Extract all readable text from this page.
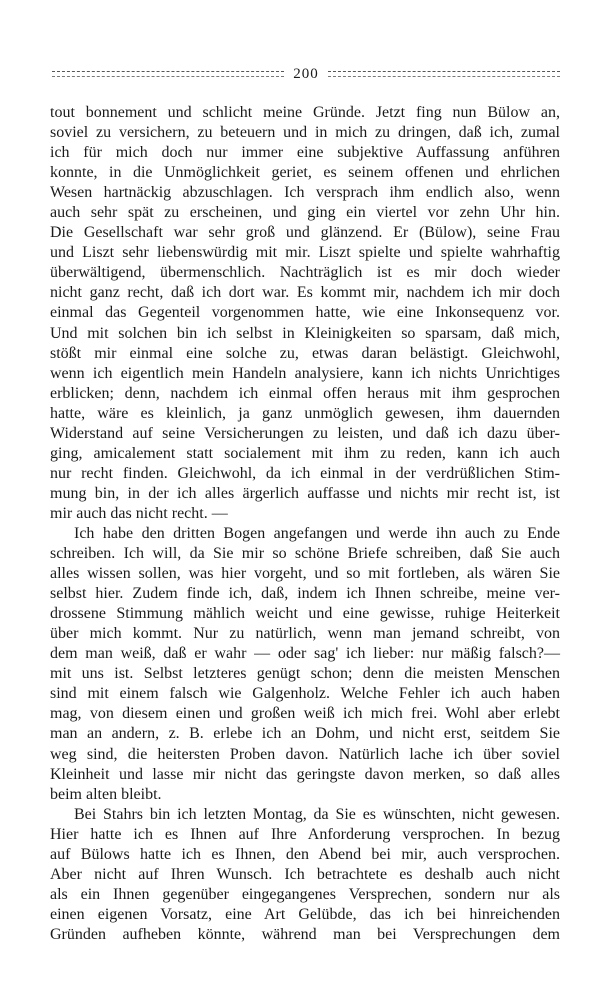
200

tout bonnement und schlicht meine Gründe. Jetzt fing nun Bülow an,
soviel zu versichern, zu beteuern und in mich zu dringen, daß ich, zumal
ich für mich doch nur immer eine subjektive Auffassung anführen
konnte, in die Unmöglichkeit geriet, es seinem offenen und ehrlichen
Wesen hartnäckig abzuschlagen. Ich versprach ihm endlich also, wenn
auch sehr spät zu erscheinen, und ging ein viertel vor zehn Uhr hin.
Die Gesellschaft war sehr groß und glänzend. Er (Bülow), seine Frau
und Liszt sehr liebenswürdig mit mir. Liszt spielte und spielte wahrhaftig
überwältigend, übermenschlich. Nachträglich ist es mir doch wieder
nicht ganz recht, daß ich dort war. Es kommt mir, nachdem ich mir doch
einmal das Gegenteil vorgenommen hatte, wie eine Inkonsequenz vor.
Und mit solchen bin ich selbst in Kleinigkeiten so sparsam, daß mich,
stößt mir einmal eine solche zu, etwas daran belästigt. Gleichwohl,
wenn ich eigentlich mein Handeln analysiere, kann ich nichts Unrichtiges
erblicken; denn, nachdem ich einmal offen heraus mit ihm gesprochen
hatte, wäre es kleinlich, ja ganz unmöglich gewesen, ihm dauernden
Widerstand auf seine Versicherungen zu leisten, und daß ich dazu über-
ging, amicalement statt socialement mit ihm zu reden, kann ich auch
nur recht finden. Gleichwohl, da ich einmal in der verdrüßlichen Stim-
mung bin, in der ich alles ärgerlich auffasse und nichts mir recht ist, ist
mir auch das nicht recht. —

Ich habe den dritten Bogen angefangen und werde ihn auch zu Ende
schreiben. Ich will, da Sie mir so schöne Briefe schreiben, daß Sie auch
alles wissen sollen, was hier vorgeht, und so mit fortleben, als wären Sie
selbst hier. Zudem finde ich, daß, indem ich Ihnen schreibe, meine ver-
drossene Stimmung mählich weicht und eine gewisse, ruhige Heiterkeit
über mich kommt. Nur zu natürlich, wenn man jemand schreibt, von
dem man weiß, daß er wahr — oder sag' ich lieber: nur mäßig falsch?—
mit uns ist. Selbst letzteres genügt schon; denn die meisten Menschen
sind mit einem falsch wie Galgenholz. Welche Fehler ich auch haben
mag, von diesem einen und großen weiß ich mich frei. Wohl aber erlebt
man an andern, z. B. erlebe ich an Dohm, und nicht erst, seitdem Sie
weg sind, die heitersten Proben davon. Natürlich lache ich über soviel
Kleinheit und lasse mir nicht das geringste davon merken, so daß alles
beim alten bleibt.

Bei Stahrs bin ich letzten Montag, da Sie es wünschten, nicht gewesen.
Hier hatte ich es Ihnen auf Ihre Anforderung versprochen. In bezug
auf Bülows hatte ich es Ihnen, den Abend bei mir, auch versprochen.
Aber nicht auf Ihren Wunsch. Ich betrachtete es deshalb auch nicht
als ein Ihnen gegenüber eingegangenes Versprechen, sondern nur als
einen eigenen Vorsatz, eine Art Gelübde, das ich bei hinreichenden
Gründen aufheben könnte, während man bei Versprechungen dem
